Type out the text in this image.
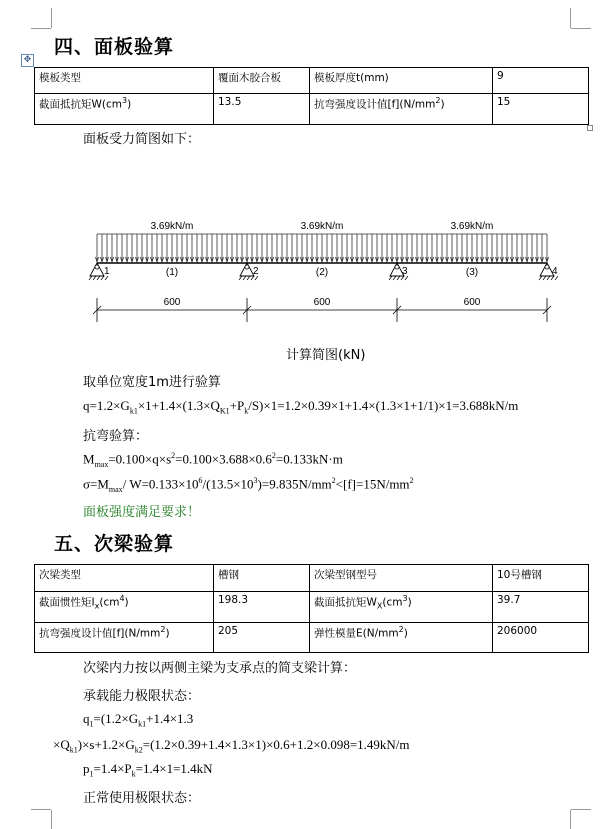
四、面板验算
✥
模板类型	覆面木胶合板	模板厚度t(mm)	9
截面抵抗矩$W(cm^3)$	13.5	抗弯强度设计值$[f](N/mm^2)$	15
面板受力简图如下：
3.69kN/m	3.69kN/m	3.69kN/m
1	2	3	4
(1)	(2)	(3)
600	600	600
计算简图(kN)
取单位宽度1m进行验算
$q=1.2\times G_{k1}\times 1+1.4\times(1.3\times Q_{K1}+P_k/S)\times 1=1.2\times 0.39\times 1+1.4\times(1.3\times 1+1/1)\times 1=3.688kN/m$
抗弯验算：
$M_{max}=0.100\times q\times s^2=0.100\times 3.688\times 0.6^2=0.133kN\cdot m$
$\sigma=M_{max}/$ $W=0.133\times 10^6/(13.5\times 10^3)=9.835N/mm^2<[f]=15N/mm^2$
面板强度满足要求！
五、次梁验算
次梁类型	槽钢	次梁型钢型号	10号槽钢
截面惯性矩$I_x(cm^4)$	198.3	截面抵抗矩$W_X(cm^3)$	39.7
抗弯强度设计值$[f](N/mm^2)$	205	弹性模量$E(N/mm^2)$	206000
次梁内力按以两侧主梁为支承点的简支梁计算：
承载能力极限状态：
$q_1=(1.2\times G_{k1}+1.4\times 1.3$
$\times Q_{k1})\times s+1.2\times G_{k2}=(1.2\times 0.39+1.4\times 1.3\times 1)\times 0.6+1.2\times 0.098=1.49kN/m$
$p_1=1.4\times P_k=1.4\times 1=1.4kN$
正常使用极限状态：
